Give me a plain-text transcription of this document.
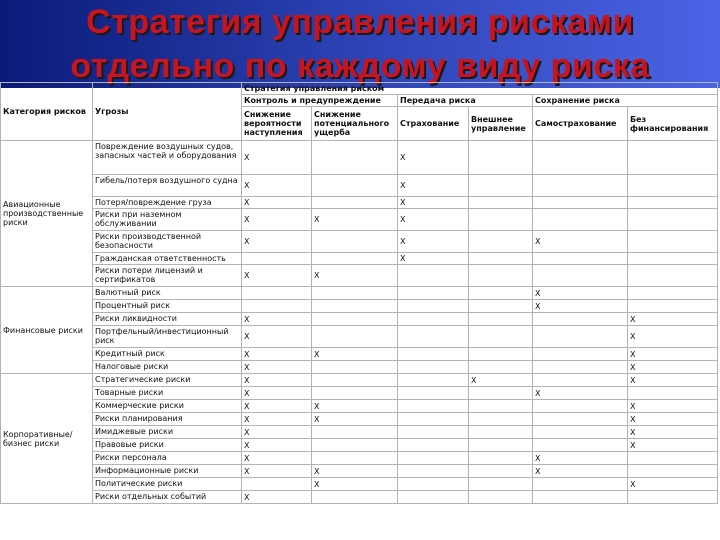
Стратегия управления рисками
отдельно по каждому виду риска
Категория рисков	Угрозы	Стратегия управления риском					
		Контроль и предупреждение		Передача риска		Сохранение риска	
		Снижение вероятности наступления	Снижение потенциального ущерба	Страхование	Внешнее управление	Самострахование	Без финансирования
Авиационные производственные риски	Повреждение воздушных судов, запасных частей и оборудования	X		X			
	Гибель/потеря воздушного судна	X		X			
	Потеря/повреждение груза	X		X			
	Риски при наземном обслуживании	X	X	X			
	Риски производственной безопасности	X		X		X	
	Гражданская ответственность			X			
	Риски потери лицензий и сертификатов	X	X				
Финансовые риски	Валютный риск					X	
	Процентный риск					X	
	Риски ликвидности	X					X
	Портфельный/инвестиционный риск	X					X
	Кредитный риск	X	X				X
	Налоговые риски	X					X
Корпоративные/ бизнес риски	Стратегические риски	X			X		X
	Товарные риски	X				X	
	Коммерческие риски	X	X				X
	Риски планирования	X	X				X
	Имиджевые риски	X					X
	Правовые риски	X					X
	Риски персонала	X				X	
	Информационные риски	X	X			X	
	Политические риски		X				X
	Риски отдельных событий	X					
